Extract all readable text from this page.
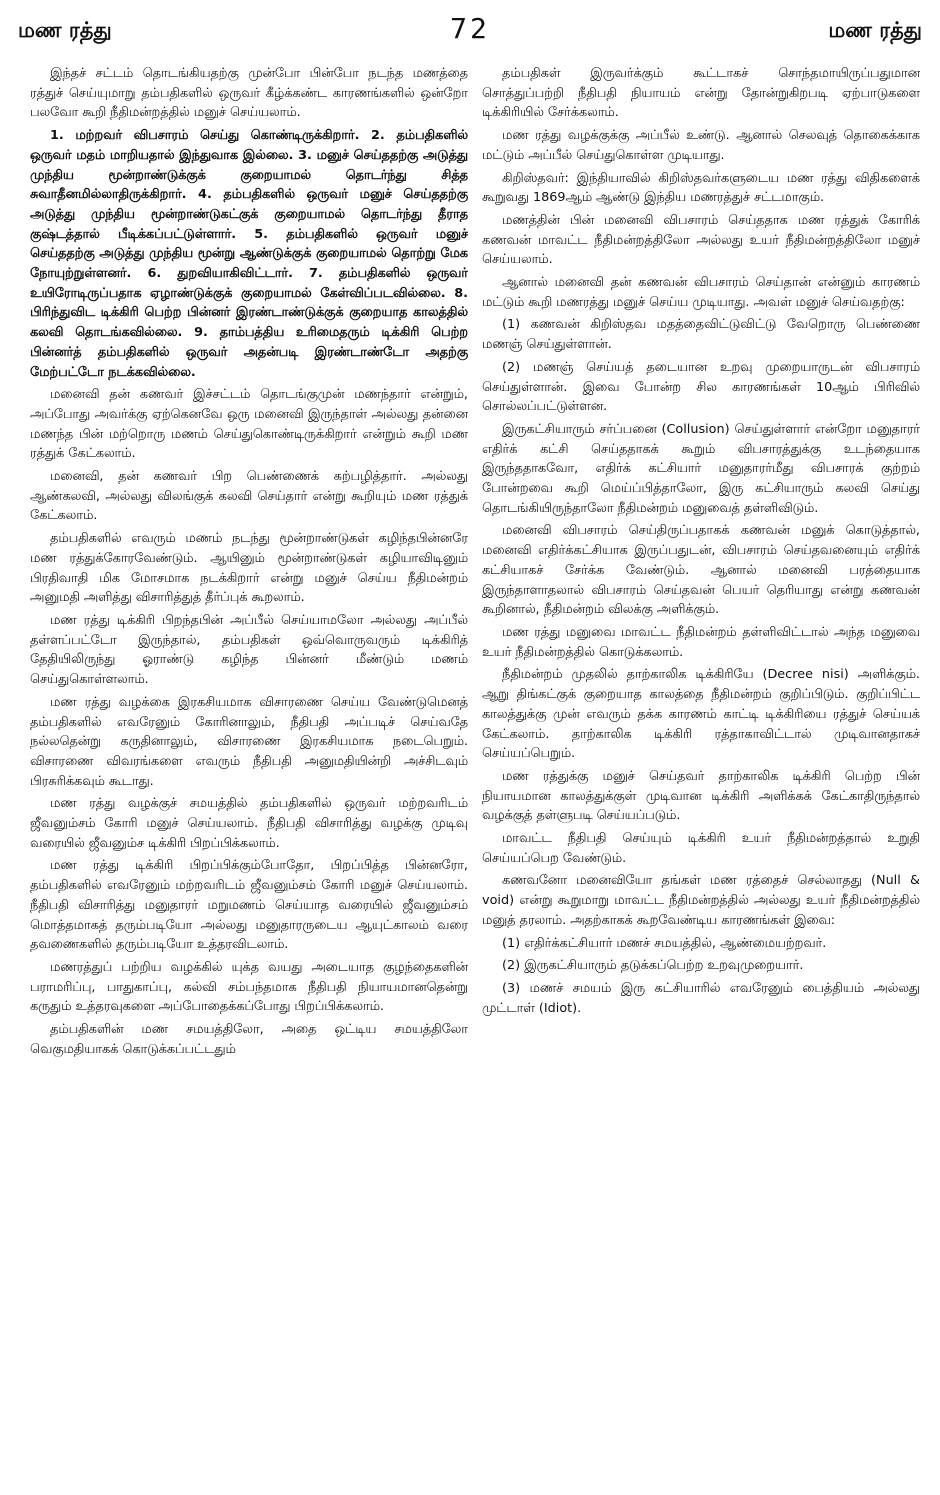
மண ரத்து	72	மண ரத்து

இந்தச் சட்டம் தொடங்கியதற்கு முன்போ பின்போ நடந்த மணத்தை ரத்துச் செய்யுமாறு தம்பதிகளில் ஒருவர் கீழ்க்கண்ட காரணங்களில் ஒன்றோ பலவோ கூறி நீதிமன்றத்தில் மனுச் செய்யலாம்.

1. மற்றவர் விபசாரம் செய்து கொண்டிருக்கிறார். 2. தம்பதிகளில் ஒருவர் மதம் மாறியதால் இந்துவாக இல்லை. 3. மனுச் செய்ததற்கு அடுத்து முந்திய மூன்றாண்டுக்குக் குறையாமல் தொடர்ந்து சித்த சுவாதீனமில்லாதிருக்கிறார். 4. தம்பதிகளில் ஒருவர் மனுச் செய்ததற்கு அடுத்து முந்திய மூன்றாண்டுகட்குக் குறையாமல் தொடர்ந்து தீராத குஷ்டத்தால் பீடிக்கப்பட்டுள்ளார். 5. தம்பதிகளில் ஒருவர் மனுச் செய்ததற்கு அடுத்து முந்திய மூன்று ஆண்டுக்குக் குறையாமல் தொற்று மேக நோயுற்றுள்ளனர். 6. துறவியாகிவிட்டார். 7. தம்பதிகளில் ஒருவர் உயிரோடிருப்பதாக ஏழாண்டுக்குக் குறையாமல் கேள்விப்படவில்லை. 8. பிரிந்துவிட டிக்கிரி பெற்ற பின்னர் இரண்டாண்டுக்குக் குறையாத காலத்தில் கலவி தொடங்கவில்லை. 9. தாம்பத்திய உரிமைதரும் டிக்கிரி பெற்ற பின்னர்த் தம்பதிகளில் ஒருவர் அதன்படி இரண்டாண்டோ அதற்கு மேற்பட்டோ நடக்கவில்லை.

மனைவி தன் கணவர் இச்சட்டம் தொடங்குமுன் மணந்தார் என்றும், அப்போது அவர்க்கு ஏற்கெனவே ஒரு மனைவி இருந்தாள் அல்லது தன்னை மணந்த பின் மற்றொரு மணம் செய்துகொண்டிருக்கிறார் என்றும் கூறி மண ரத்துக் கேட்கலாம்.

மனைவி, தன் கணவர் பிற பெண்ணைக் கற்பழித்தார். அல்லது ஆண்கலவி, அல்லது விலங்குக் கலவி செய்தார் என்று கூறியும் மண ரத்துக் கேட்கலாம்.

தம்பதிகளில் எவரும் மணம் நடந்து மூன்றாண்டுகள் கழிந்தபின்னரே மண ரத்துக்கோரவேண்டும். ஆயினும் மூன்றாண்டுகள் கழியாவிடினும் பிரதிவாதி மிக மோசமாக நடக்கிறார் என்று மனுச் செய்ய நீதிமன்றம் அனுமதி அளித்து விசாரித்துத் தீர்ப்புக் கூறலாம்.

மண ரத்து டிக்கிரி பிறந்தபின் அப்பீல் செய்யாமலோ அல்லது அப்பீல் தள்ளப்பட்டோ இருந்தால், தம்பதிகள் ஒவ்வொருவரும் டிக்கிரித் தேதியிலிருந்து ஓராண்டு கழிந்த பின்னர் மீண்டும் மணம் செய்துகொள்ளலாம்.

மண ரத்து வழக்கை இரகசியமாக விசாரணை செய்ய வேண்டுமெனத் தம்பதிகளில் எவரேனும் கோரினாலும், நீதிபதி அப்படிச் செய்வதே நல்லதென்று கருதினாலும், விசாரணை இரகசியமாக நடைபெறும். விசாரணை விவரங்களை எவரும் நீதிபதி அனுமதியின்றி அச்சிடவும் பிரசுரிக்கவும் கூடாது.

மண ரத்து வழக்குச் சமயத்தில் தம்பதிகளில் ஒருவர் மற்றவரிடம் ஜீவனும்சம் கோரி மனுச் செய்யலாம். நீதிபதி விசாரித்து வழக்கு முடிவு வரையில் ஜீவனும்ச டிக்கிரி பிறப்பிக்கலாம்.

மண ரத்து டிக்கிரி பிறப்பிக்கும்போதோ, பிறப்பித்த பின்னரோ, தம்பதிகளில் எவரேனும் மற்றவரிடம் ஜீவனும்சம் கோரி மனுச் செய்யலாம். நீதிபதி விசாரித்து மனுதாரர் மறுமணம் செய்யாத வரையில் ஜீவனும்சம் மொத்தமாகத் தரும்படியோ அல்லது மனுதாரருடைய ஆயுட்காலம் வரை தவணைகளில் தரும்படியோ உத்தரவிடலாம்.

மணரத்துப் பற்றிய வழக்கில் யுக்த வயது அடையாத குழந்தைகளின் பராமரிப்பு, பாதுகாப்பு, கல்வி சம்பந்தமாக நீதிபதி நியாயமானதென்று கருதும் உத்தரவுகளை அப்போதைக்கப்போது பிறப்பிக்கலாம்.

தம்பதிகளின் மண சமயத்திலோ, அதை ஒட்டிய சமயத்திலோ வெகுமதியாகக் கொடுக்கப்பட்டதும்

தம்பதிகள் இருவர்க்கும் கூட்டாகச் சொந்தமாயிருப்பதுமான சொத்துப்பற்றி நீதிபதி நியாயம் என்று தோன்றுகிறபடி ஏற்பாடுகளை டிக்கிரியில் சேர்க்கலாம்.

மண ரத்து வழக்குக்கு அப்பீல் உண்டு. ஆனால் செலவுத் தொகைக்காக மட்டும் அப்பீல் செய்துகொள்ள முடியாது.

கிறிஸ்தவர்: இந்தியாவில் கிறிஸ்தவர்களுடைய மண ரத்து விதிகளைக் கூறுவது 1869ஆம் ஆண்டு இந்திய மணரத்துச் சட்டமாகும்.

மணத்தின் பின் மனைவி விபசாரம் செய்ததாக மண ரத்துக் கோரிக் கணவன் மாவட்ட நீதிமன்றத்திலோ அல்லது உயர் நீதிமன்றத்திலோ மனுச் செய்யலாம்.

ஆனால் மனைவி தன் கணவன் விபசாரம் செய்தான் என்னும் காரணம் மட்டும் கூறி மணரத்து மனுச் செய்ய முடியாது. அவள் மனுச் செய்வதற்கு:

(1) கணவன் கிறிஸ்தவ மதத்தைவிட்டுவிட்டு வேறொரு பெண்ணை மணஞ் செய்துள்ளான்.

(2) மணஞ் செய்யத் தடையான உறவு முறையாருடன் விபசாரம் செய்துள்ளான். இவை போன்ற சில காரணங்கள் 10ஆம் பிரிவில் சொல்லப்பட்டுள்ளன.

இருகட்சியாரும் சர்ப்பனை (Collusion) செய்துள்ளார் என்றோ மனுதாரர் எதிர்க் கட்சி செய்ததாகக் கூறும் விபசாரத்துக்கு உடந்தையாக இருந்ததாகவோ, எதிர்க் கட்சியார் மனுதாரர்மீது விபசாரக் குற்றம் போன்றவை கூறி மெய்ப்பித்தாலோ, இரு கட்சியாரும் கலவி செய்து தொடங்கியிருந்தாலோ நீதிமன்றம் மனுவைத் தள்ளிவிடும்.

மனைவி விபசாரம் செய்திருப்பதாகக் கணவன் மனுக் கொடுத்தால், மனைவி எதிர்க்கட்சியாக இருப்பதுடன், விபசாரம் செய்தவனையும் எதிர்க் கட்சியாகச் சேர்க்க வேண்டும். ஆனால் மனைவி பரத்தையாக இருந்தாளாதலால் விபசாரம் செய்தவன் பெயர் தெரியாது என்று கணவன் கூறினால், நீதிமன்றம் விலக்கு அளிக்கும்.

மண ரத்து மனுவை மாவட்ட நீதிமன்றம் தள்ளிவிட்டால் அந்த மனுவை உயர் நீதிமன்றத்தில் கொடுக்கலாம்.

நீதிமன்றம் முதலில் தாற்காலிக டிக்கிரியே (Decree nisi) அளிக்கும். ஆறு திங்கட்குக் குறையாத காலத்தை நீதிமன்றம் குறிப்பிடும். குறிப்பிட்ட காலத்துக்கு முன் எவரும் தக்க காரணம் காட்டி டிக்கிரியை ரத்துச் செய்யக் கேட்கலாம். தாற்காலிக டிக்கிரி ரத்தாகாவிட்டால் முடிவானதாகச் செய்யப்பெறும்.

மண ரத்துக்கு மனுச் செய்தவர் தாற்காலிக டிக்கிரி பெற்ற பின் நியாயமான காலத்துக்குள் முடிவான டிக்கிரி அளிக்கக் கேட்காதிருந்தால் வழக்குத் தள்ளுபடி செய்யப்படும்.

மாவட்ட நீதிபதி செய்யும் டிக்கிரி உயர் நீதிமன்றத்தால் உறுதி செய்யப்பெற வேண்டும்.

கணவனோ மனைவியோ தங்கள் மண ரத்தைச் செல்லாதது (Null & void) என்று கூறுமாறு மாவட்ட நீதிமன்றத்தில் அல்லது உயர் நீதிமன்றத்தில் மனுத் தரலாம். அதற்காகக் கூறவேண்டிய காரணங்கள் இவை:

(1) எதிர்க்கட்சியார் மணச் சமயத்தில், ஆண்மையற்றவர்.

(2) இருகட்சியாரும் தடுக்கப்பெற்ற உறவுமுறையார்.

(3) மணச் சமயம் இரு கட்சியாரில் எவரேனும் பைத்தியம் அல்லது முட்டாள் (Idiot).
